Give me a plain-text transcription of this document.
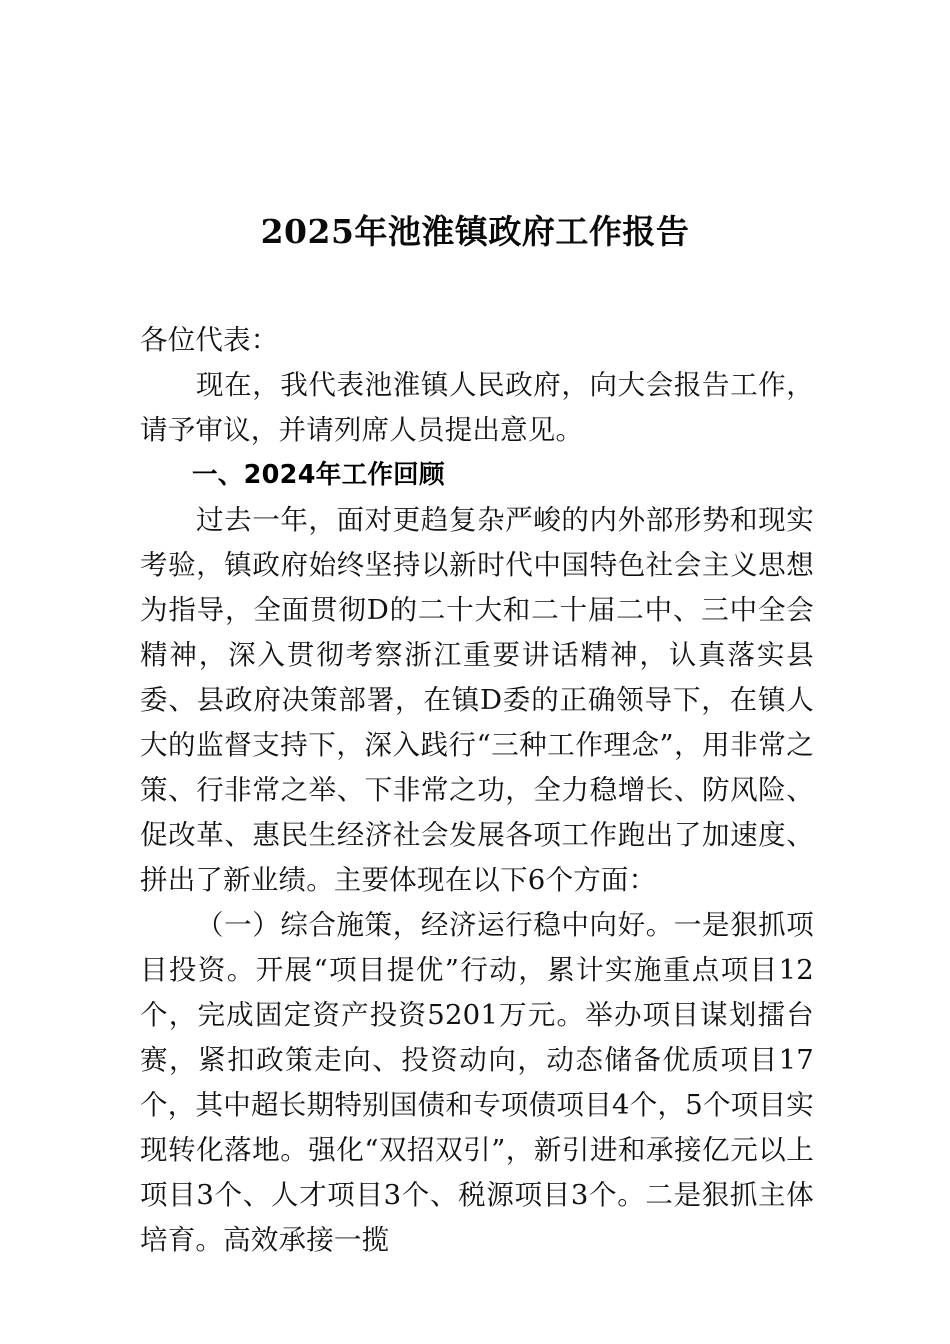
2025年池淮镇政府工作报告

各位代表：

现在，我代表池淮镇人民政府，向大会报告工作，请予审议，并请列席人员提出意见。

一、2024年工作回顾

过去一年，面对更趋复杂严峻的内外部形势和现实考验，镇政府始终坚持以新时代中国特色社会主义思想为指导，全面贯彻D的二十大和二十届二中、三中全会精神，深入贯彻考察浙江重要讲话精神，认真落实县委、县政府决策部署，在镇D委的正确领导下，在镇人大的监督支持下，深入践行“三种工作理念”，用非常之策、行非常之举、下非常之功，全力稳增长、防风险、促改革、惠民生经济社会发展各项工作跑出了加速度、拼出了新业绩。主要体现在以下6个方面：

（一）综合施策，经济运行稳中向好。一是狠抓项目投资。开展“项目提优”行动，累计实施重点项目12个，完成固定资产投资5201万元。举办项目谋划擂台赛，紧扣政策走向、投资动向，动态储备优质项目17个，其中超长期特别国债和专项债项目4个，5个项目实现转化落地。强化“双招双引”，新引进和承接亿元以上项目3个、人才项目3个、税源项目3个。二是狠抓主体培育。高效承接一揽
